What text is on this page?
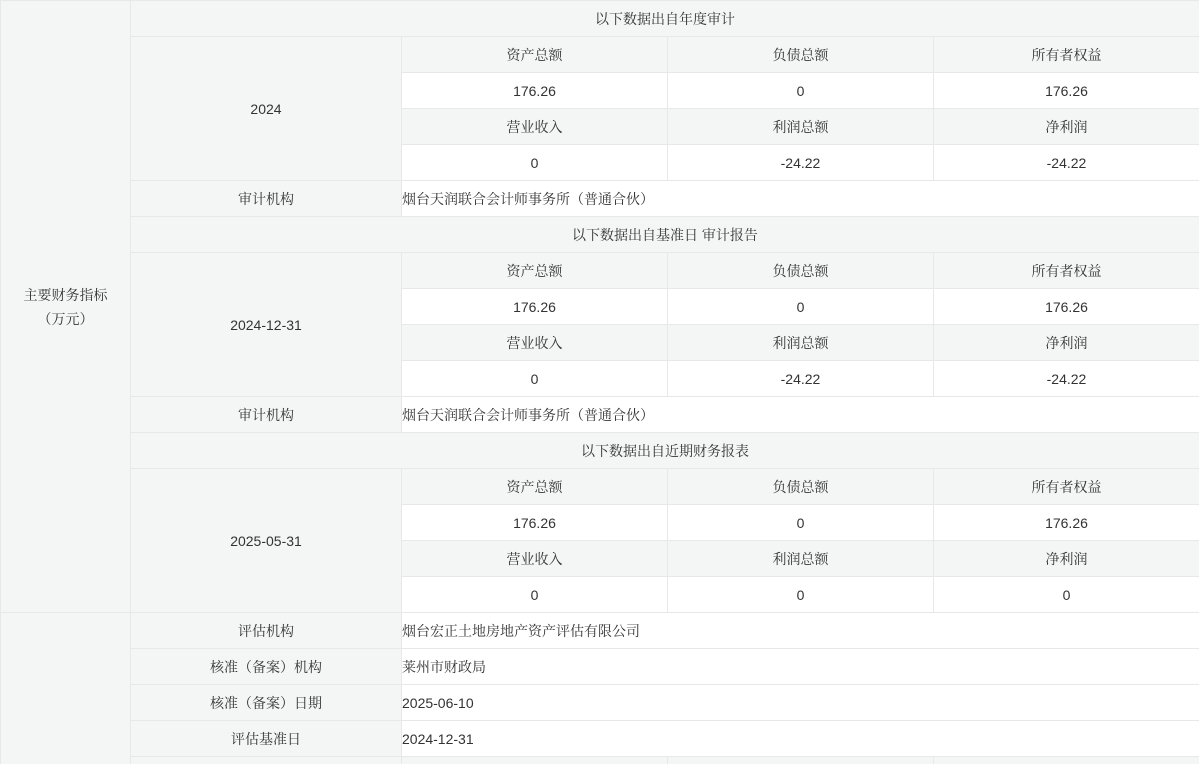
主要财务指标
（万元）	以下数据出自年度审计			
	2024	资产总额	负债总额	所有者权益
		176.26	0	176.26
		营业收入	利润总额	净利润
		0	-24.22	-24.22
	审计机构	烟台天润联合会计师事务所（普通合伙）		
	以下数据出自基准日 审计报告			
	2024-12-31	资产总额	负债总额	所有者权益
		176.26	0	176.26
		营业收入	利润总额	净利润
		0	-24.22	-24.22
	审计机构	烟台天润联合会计师事务所（普通合伙）		
	以下数据出自近期财务报表			
	2025-05-31	资产总额	负债总额	所有者权益
		176.26	0	176.26
		营业收入	利润总额	净利润
		0	0	0
	评估机构	烟台宏正土地房地产资产评估有限公司		
	核准（备案）机构	莱州市财政局		
	核准（备案）日期	2025-06-10		
	评估基准日	2024-12-31		
